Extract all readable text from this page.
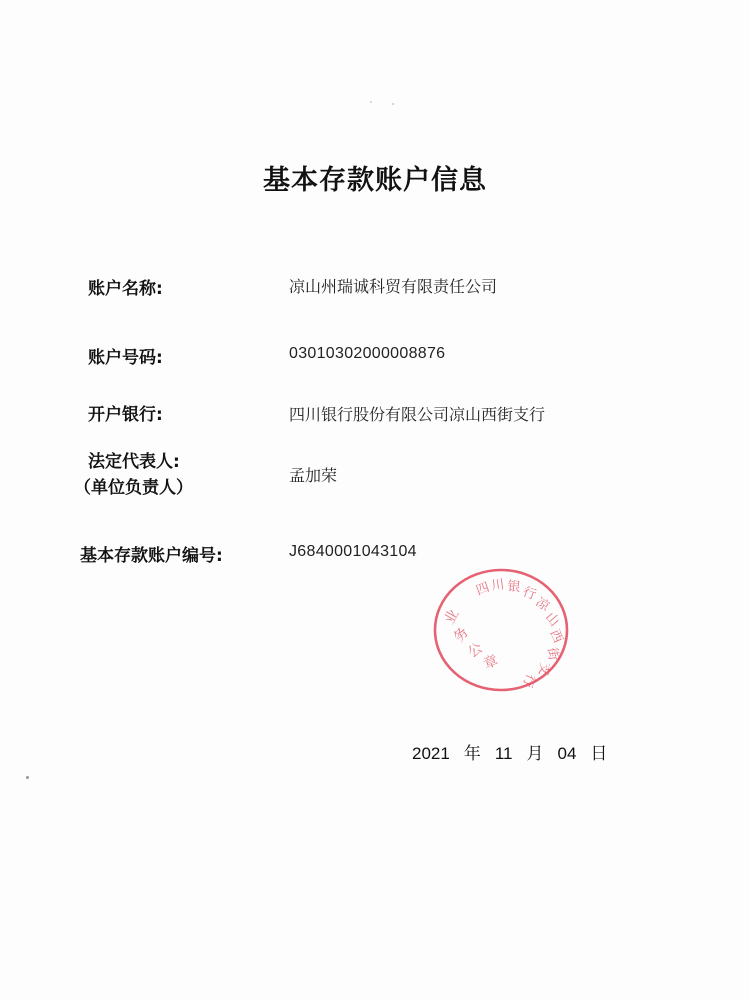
基本存款账户信息
账户名称:	凉山州瑞诚科贸有限责任公司
账户号码:	03010302000008876
开户银行:	四川银行股份有限公司凉山西街支行
法定代表人:
（单位负责人）
孟加荣
基本存款账户编号:	J6840001043104
四
川 银 行
凉
山
西
街
支
行
业
务
公
章
2021 年 11 月 04 日
